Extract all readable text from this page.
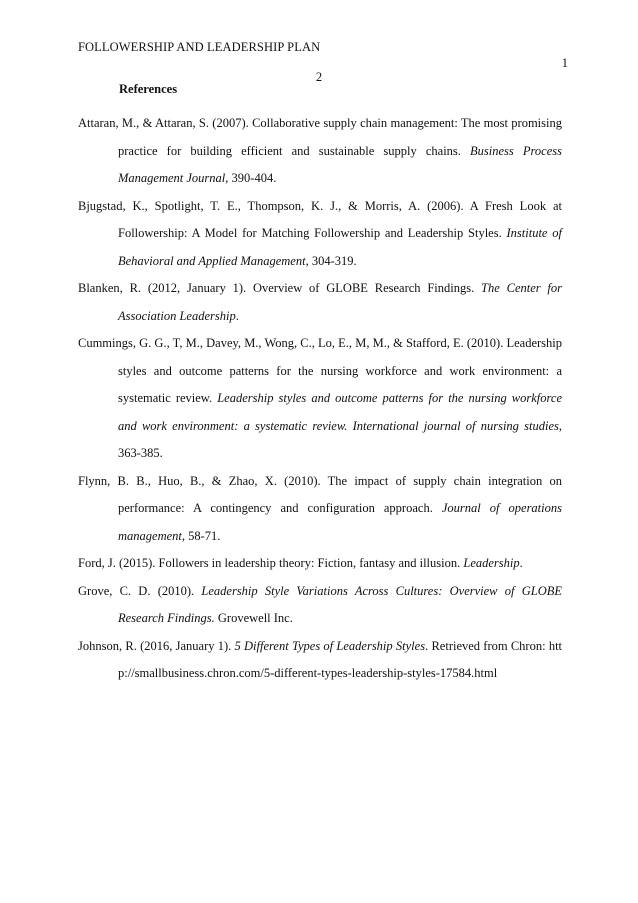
FOLLOWERSHIP AND LEADERSHIP PLAN
1
2
References

Attaran, M., & Attaran, S. (2007). Collaborative supply chain management: The most promising practice for building efficient and sustainable supply chains. Business Process Management Journal, 390-404.

Bjugstad, K., Spotlight, T. E., Thompson, K. J., & Morris, A. (2006). A Fresh Look at Followership: A Model for Matching Followership and Leadership Styles. Institute of Behavioral and Applied Management, 304-319.

Blanken, R. (2012, January 1). Overview of GLOBE Research Findings. The Center for Association Leadership.

Cummings, G. G., T, M., Davey, M., Wong, C., Lo, E., M, M., & Stafford, E. (2010). Leadership styles and outcome patterns for the nursing workforce and work environment: a systematic review. Leadership styles and outcome patterns for the nursing workforce and work environment: a systematic review. International journal of nursing studies, 363-385.

Flynn, B. B., Huo, B., & Zhao, X. (2010). The impact of supply chain integration on performance: A contingency and configuration approach. Journal of operations management, 58-71.

Ford, J. (2015). Followers in leadership theory: Fiction, fantasy and illusion. Leadership.

Grove, C. D. (2010). Leadership Style Variations Across Cultures: Overview of GLOBE Research Findings. Grovewell Inc.

Johnson, R. (2016, January 1). 5 Different Types of Leadership Styles. Retrieved from Chron: http://smallbusiness.chron.com/5-different-types-leadership-styles-17584.html
